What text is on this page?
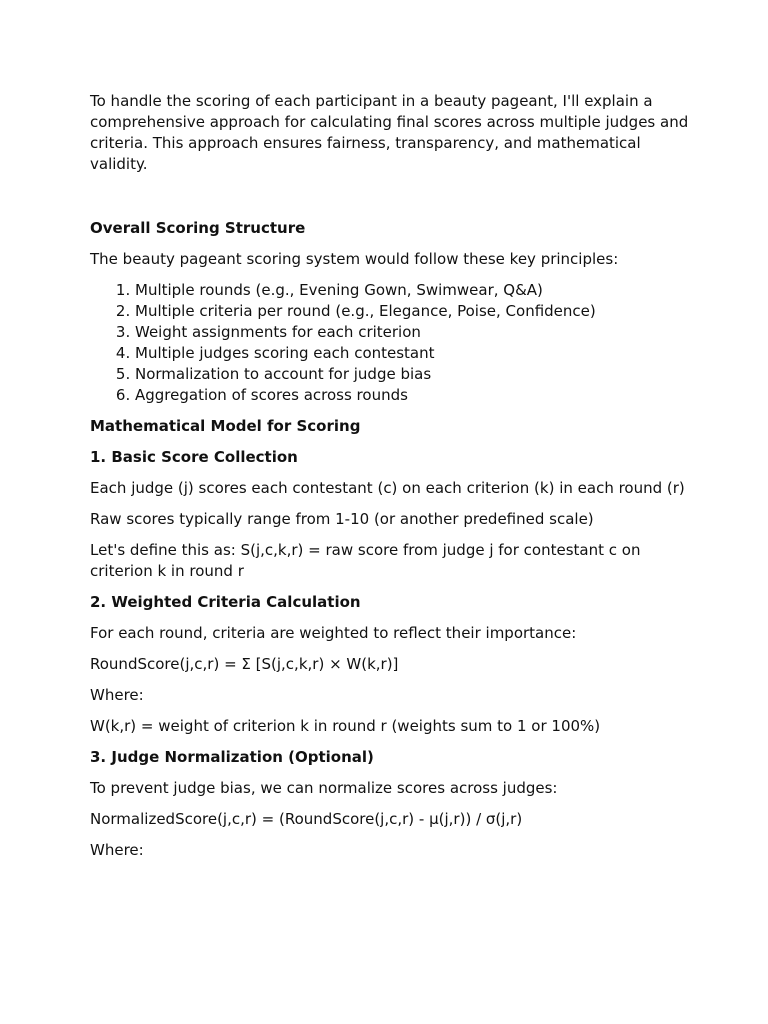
To handle the scoring of each participant in a beauty pageant, I'll explain a comprehensive approach for calculating final scores across multiple judges and criteria. This approach ensures fairness, transparency, and mathematical validity.

Overall Scoring Structure

The beauty pageant scoring system would follow these key principles:

1. Multiple rounds (e.g., Evening Gown, Swimwear, Q&A)
2. Multiple criteria per round (e.g., Elegance, Poise, Confidence)
3. Weight assignments for each criterion
4. Multiple judges scoring each contestant
5. Normalization to account for judge bias
6. Aggregation of scores across rounds
Mathematical Model for Scoring
1. Basic Score Collection

Each judge (j) scores each contestant (c) on each criterion (k) in each round (r)

Raw scores typically range from 1-10 (or another predefined scale)

Let's define this as: S(j,c,k,r) = raw score from judge j for contestant c on criterion k in round r

2. Weighted Criteria Calculation

For each round, criteria are weighted to reflect their importance:

RoundScore(j,c,r) = Σ [S(j,c,k,r) × W(k,r)]

Where:

W(k,r) = weight of criterion k in round r (weights sum to 1 or 100%)

3. Judge Normalization (Optional)

To prevent judge bias, we can normalize scores across judges:

NormalizedScore(j,c,r) = (RoundScore(j,c,r) - μ(j,r)) / σ(j,r)

Where:
